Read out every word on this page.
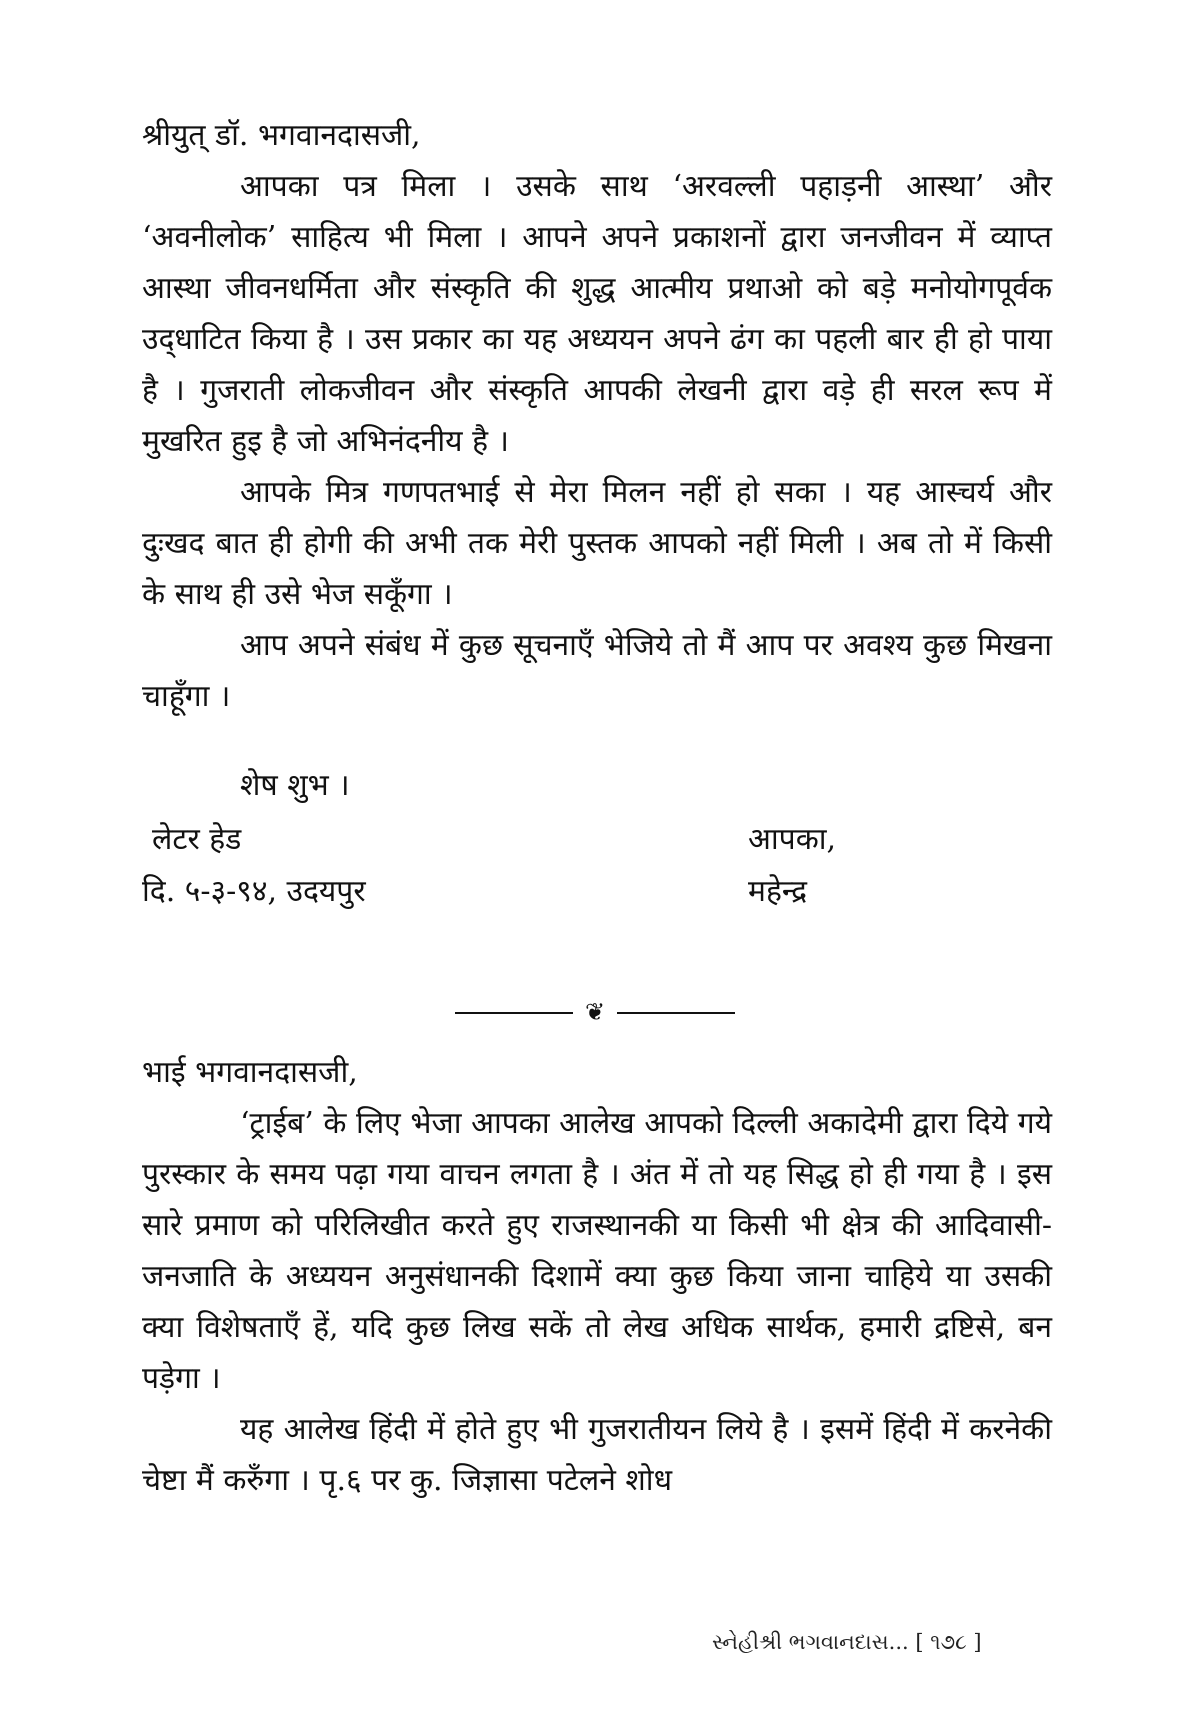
श्रीयुत् डॉ. भगवानदासजी,

आपका पत्र मिला । उसके साथ ‘अरवल्ली पहाड़नी आस्था’ और ‘अवनीलोक’ साहित्य भी मिला । आपने अपने प्रकाशनों द्वारा जनजीवन में व्याप्त आस्था जीवनधर्मिता और संस्कृति की शुद्ध आत्मीय प्रथाओ को बड़े मनोयोगपूर्वक उद्‌धाटित किया है । उस प्रकार का यह अध्ययन अपने ढंग का पहली बार ही हो पाया है । गुजराती लोकजीवन और संस्कृति आपकी लेखनी द्वारा वड़े ही सरल रूप में मुखरित हुइ है जो अभिनंदनीय है ।

आपके मित्र गणपतभाई से मेरा मिलन नहीं हो सका । यह आस्चर्य और दुःखद बात ही होगी की अभी तक मेरी पुस्तक आपको नहीं मिली । अब तो में किसी के साथ ही उसे भेज सकूँगा ।

आप अपने संबंध में कुछ सूचनाएँ भेजिये तो मैं आप पर अवश्य कुछ मिखना चाहूँगा ।

शेष शुभ ।
लेटर हेड	आपका,
दि. ५-३-९४, उदयपुर	महेन्द्र
❦
भाई भगवानदासजी,

‘ट्राईब’ के लिए भेजा आपका आलेख आपको दिल्ली अकादेमी द्वारा दिये गये पुरस्कार के समय पढ़ा गया वाचन लगता है । अंत में तो यह सिद्ध हो ही गया है । इस सारे प्रमाण को परिलिखीत करते हुए राजस्थानकी या किसी भी क्षेत्र की आदिवासी-जनजाति के अध्ययन अनुसंधानकी दिशामें क्या कुछ किया जाना चाहिये या उसकी क्या विशेषताएँ हें, यदि कुछ लिख सकें तो लेख अधिक सार्थक, हमारी द्रष्टिसे, बन पड़ेगा ।

यह आलेख हिंदी में होते हुए भी गुजरातीयन लिये है । इसमें हिंदी में करनेकी चेष्टा मैं करुँगा । पृ.६ पर कु. जिज्ञासा पटेलने शोध

સ્નેહીશ્રી ભગવાનદાસ... [ ૧૭૮ ]
